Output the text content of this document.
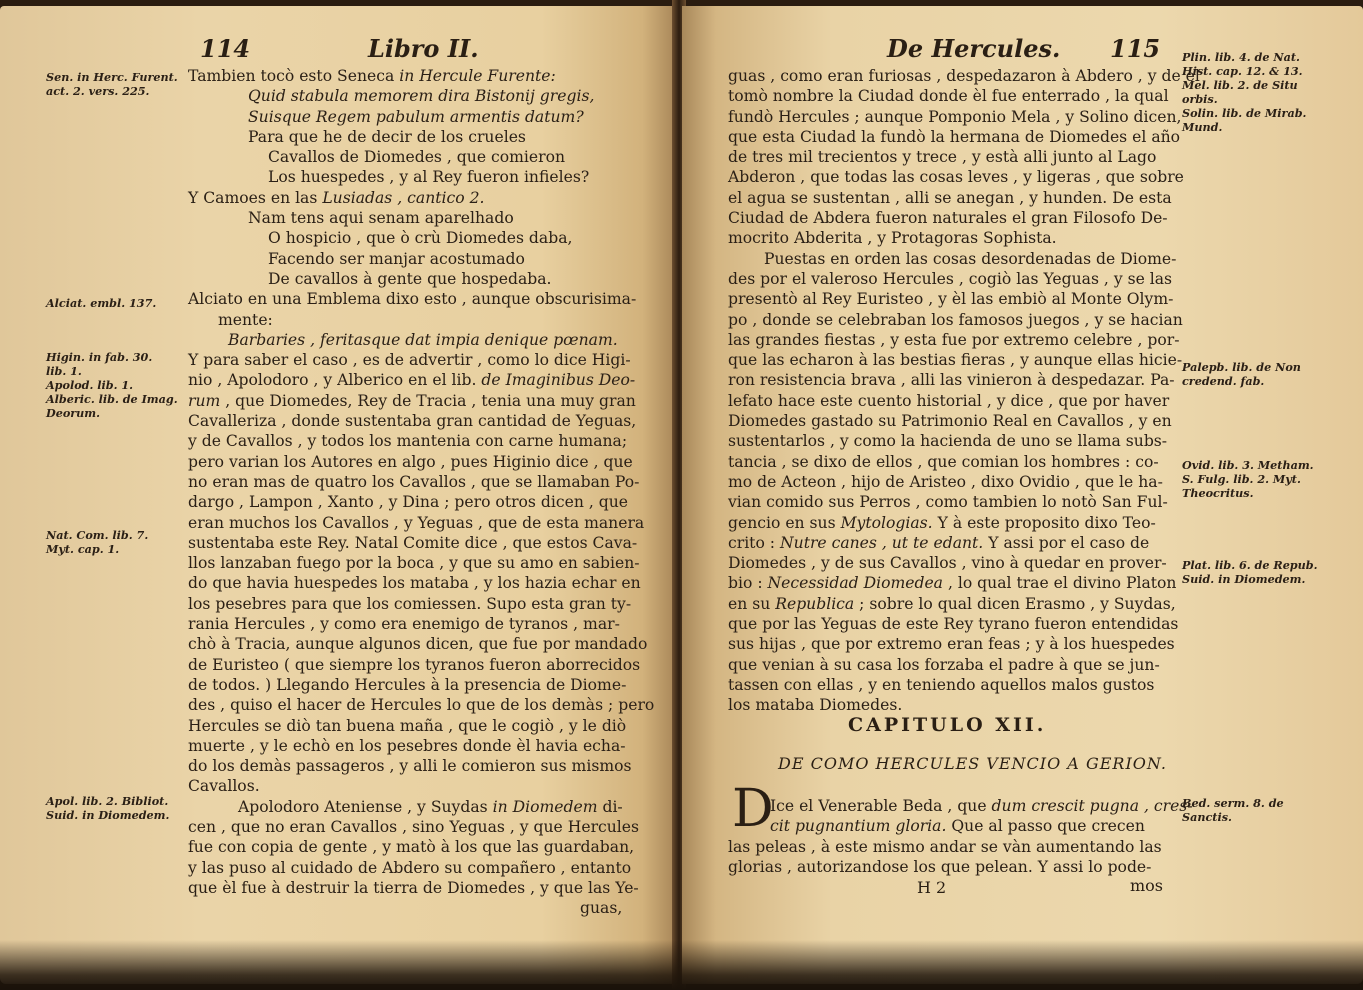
114	Libro II.
Tambien tocò esto Seneca in Hercule Furente:
Quid stabula memorem dira Bistonij gregis,
Suisque Regem pabulum armentis datum?
Para que he de decir de los crueles
Cavallos de Diomedes , que comieron
Los huespedes , y al Rey fueron infieles?
Y Camoes en las Lusiadas , cantico 2.
Nam tens aqui senam aparelhado
O hospicio , que ò crù Diomedes daba,
Facendo ser manjar acostumado
De cavallos à gente que hospedaba.
Alciato en una Emblema dixo esto , aunque obscurisima-
mente:
Barbaries , feritasque dat impia denique pœnam.
Y para saber el caso , es de advertir , como lo dice Higi-
nio , Apolodoro , y Alberico en el lib. de Imaginibus Deo-
rum , que Diomedes, Rey de Tracia , tenia una muy gran
Cavalleriza , donde sustentaba gran cantidad de Yeguas,
y de Cavallos , y todos los mantenia con carne humana;
pero varian los Autores en algo , pues Higinio dice , que
no eran mas de quatro los Cavallos , que se llamaban Po-
dargo , Lampon , Xanto , y Dina ; pero otros dicen , que
eran muchos los Cavallos , y Yeguas , que de esta manera
sustentaba este Rey. Natal Comite dice , que estos Cava-
llos lanzaban fuego por la boca , y que su amo en sabien-
do que havia huespedes los mataba , y los hazia echar en
los pesebres para que los comiessen. Supo esta gran ty-
rania Hercules , y como era enemigo de tyranos , mar-
chò à Tracia, aunque algunos dicen, que fue por mandado
de Euristeo ( que siempre los tyranos fueron aborrecidos
de todos. ) Llegando Hercules à la presencia de Diome-
des , quiso el hacer de Hercules lo que de los demàs ; pero
Hercules se diò tan buena maña , que le cogiò , y le diò
muerte , y le echò en los pesebres donde èl havia echa-
do los demàs passageros , y alli le comieron sus mismos
Cavallos.
Apolodoro Ateniense , y Suydas in Diomedem di-
cen , que no eran Cavallos , sino Yeguas , y que Hercules
fue con copia de gente , y matò à los que las guardaban,
y las puso al cuidado de Abdero su compañero , entanto
que èl fue à destruir la tierra de Diomedes , y que las Ye-
guas,
Sen. in Herc. Furent.
act. 2. vers. 225.
Alciat. embl. 137.
Higin. in fab. 30.
lib. 1.
Apolod. lib. 1.
Alberic. lib. de Imag.
Deorum.
Nat. Com. lib. 7.
Myt. cap. 1.
Apol. lib. 2. Bibliot.
Suid. in Diomedem.
De Hercules. 115
guas , como eran furiosas , despedazaron à Abdero , y de el
tomò nombre la Ciudad donde èl fue enterrado , la qual
fundò Hercules ; aunque Pomponio Mela , y Solino dicen,
que esta Ciudad la fundò la hermana de Diomedes el año
de tres mil trecientos y trece , y està alli junto al Lago
Abderon , que todas las cosas leves , y ligeras , que sobre
el agua se sustentan , alli se anegan , y hunden. De esta
Ciudad de Abdera fueron naturales el gran Filosofo De-
mocrito Abderita , y Protagoras Sophista.
Puestas en orden las cosas desordenadas de Diome-
des por el valeroso Hercules , cogiò las Yeguas , y se las
presentò al Rey Euristeo , y èl las embiò al Monte Olym-
po , donde se celebraban los famosos juegos , y se hacian
las grandes fiestas , y esta fue por extremo celebre , por-
que las echaron à las bestias fieras , y aunque ellas hicie-
ron resistencia brava , alli las vinieron à despedazar. Pa-
lefato hace este cuento historial , y dice , que por haver
Diomedes gastado su Patrimonio Real en Cavallos , y en
sustentarlos , y como la hacienda de uno se llama subs-
tancia , se dixo de ellos , que comian los hombres : co-
mo de Acteon , hijo de Aristeo , dixo Ovidio , que le ha-
vian comido sus Perros , como tambien lo notò San Ful-
gencio en sus Mytologias. Y à este proposito dixo Teo-
crito : Nutre canes , ut te edant. Y assi por el caso de
Diomedes , y de sus Cavallos , vino à quedar en prover-
bio : Necessidad Diomedea , lo qual trae el divino Platon
en su Republica ; sobre lo qual dicen Erasmo , y Suydas,
que por las Yeguas de este Rey tyrano fueron entendidas
sus hijas , que por extremo eran feas ; y à los huespedes
que venian à su casa los forzaba el padre à que se jun-
tassen con ellas , y en teniendo aquellos malos gustos
los mataba Diomedes.
CAPITULO XII.
DE COMO HERCULES VENCIO A GERION.
D
Ice el Venerable Beda , que dum crescit pugna , cres-
cit pugnantium gloria. Que al passo que crecen
las peleas , à este mismo andar se vàn aumentando las
glorias , autorizandose los que pelean. Y assi lo pode-
H 2	mos
Plin. lib. 4. de Nat.
Hist. cap. 12. & 13.
Mel. lib. 2. de Situ
orbis.
Solin. lib. de Mirab.
Mund.
Palepb. lib. de Non
credend. fab.
Ovid. lib. 3. Metham.
S. Fulg. lib. 2. Myt.
Theocritus.
Plat. lib. 6. de Repub.
Suid. in Diomedem.
Bed. serm. 8. de
Sanctis.
